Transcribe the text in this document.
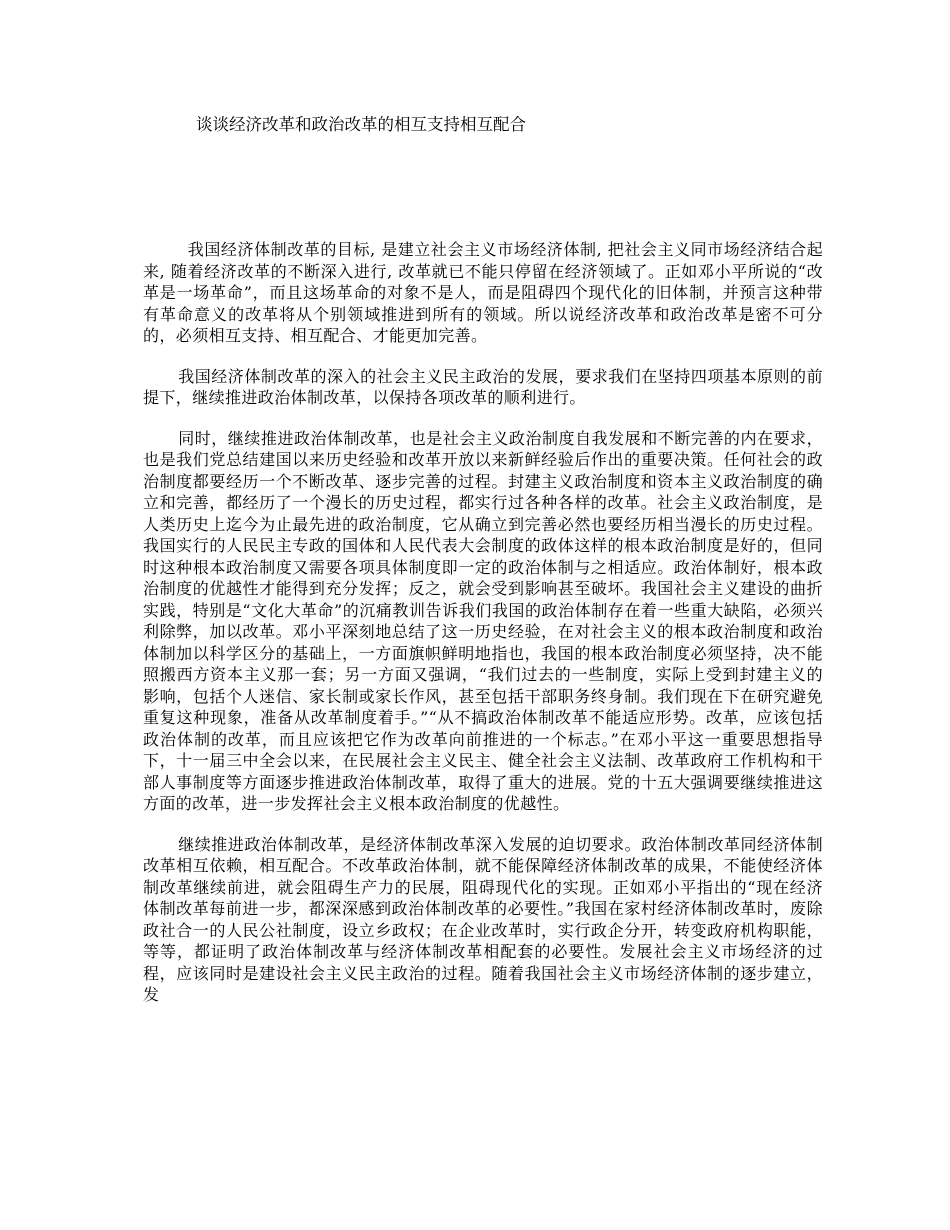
谈谈经济改革和政治改革的相互支持相互配合

我国经济体制改革的目标, 是建立社会主义市场经济体制, 把社会主义同市场经济结合起来, 随着经济改革的不断深入进行, 改革就已不能只停留在经济领域了。正如邓小平所说的“改革是一场革命”，而且这场革命的对象不是人，而是阻碍四个现代化的旧体制，并预言这种带有革命意义的改革将从个别领域推进到所有的领域。所以说经济改革和政治改革是密不可分的，必须相互支持、相互配合、才能更加完善。

我国经济体制改革的深入的社会主义民主政治的发展，要求我们在坚持四项基本原则的前提下，继续推进政治体制改革，以保持各项改革的顺利进行。

同时，继续推进政治体制改革，也是社会主义政治制度自我发展和不断完善的内在要求，也是我们党总结建国以来历史经验和改革开放以来新鲜经验后作出的重要决策。任何社会的政治制度都要经历一个不断改革、逐步完善的过程。封建主义政治制度和资本主义政治制度的确立和完善，都经历了一个漫长的历史过程，都实行过各种各样的改革。社会主义政治制度，是人类历史上迄今为止最先进的政治制度，它从确立到完善必然也要经历相当漫长的历史过程。我国实行的人民民主专政的国体和人民代表大会制度的政体这样的根本政治制度是好的，但同时这种根本政治制度又需要各项具体制度即一定的政治体制与之相适应。政治体制好，根本政治制度的优越性才能得到充分发挥；反之，就会受到影响甚至破坏。我国社会主义建设的曲折实践，特别是“文化大革命”的沉痛教训告诉我们我国的政治体制存在着一些重大缺陷，必须兴利除弊，加以改革。邓小平深刻地总结了这一历史经验，在对社会主义的根本政治制度和政治体制加以科学区分的基础上，一方面旗帜鲜明地指也，我国的根本政治制度必须坚持，决不能照搬西方资本主义那一套；另一方面又强调，“我们过去的一些制度，实际上受到封建主义的影响，包括个人迷信、家长制或家长作风，甚至包括干部职务终身制。我们现在下在研究避免重复这种现象，准备从改革制度着手。”“从不搞政治体制改革不能适应形势。改革，应该包括政治体制的改革，而且应该把它作为改革向前推进的一个标志。”在邓小平这一重要思想指导下，十一届三中全会以来，在民展社会主义民主、健全社会主义法制、改革政府工作机构和干部人事制度等方面逐步推进政治体制改革，取得了重大的进展。党的十五大强调要继续推进这方面的改革，进一步发挥社会主义根本政治制度的优越性。

继续推进政治体制改革，是经济体制改革深入发展的迫切要求。政治体制改革同经济体制改革相互依赖，相互配合。不改革政治体制，就不能保障经济体制改革的成果，不能使经济体制改革继续前进，就会阻碍生产力的民展，阻碍现代化的实现。正如邓小平指出的“现在经济体制改革每前进一步，都深深感到政治体制改革的必要性。”我国在家村经济体制改革时，废除政社合一的人民公社制度，设立乡政权；在企业改革时，实行政企分开，转变政府机构职能，等等，都证明了政治体制改革与经济体制改革相配套的必要性。发展社会主义市场经济的过程，应该同时是建设社会主义民主政治的过程。随着我国社会主义市场经济体制的逐步建立，发
